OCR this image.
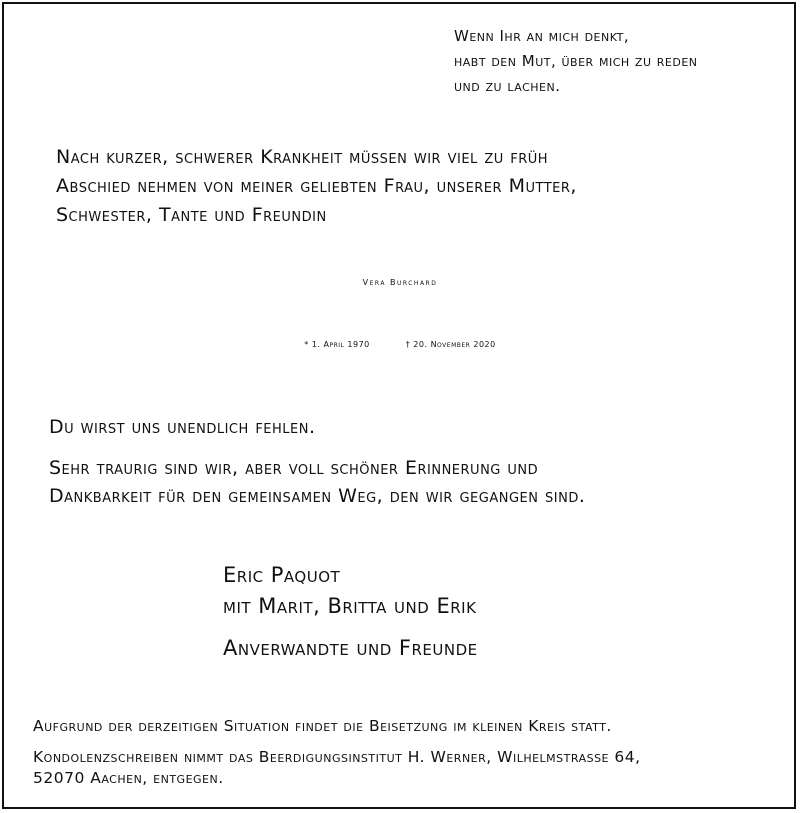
Wenn Ihr an mich denkt,
habt den Mut, über mich zu reden
und zu lachen.
Nach kurzer, schwerer Krankheit müssen wir viel zu früh
Abschied nehmen von meiner geliebten Frau, unserer Mutter,
Schwester, Tante und Freundin
Vera Burchard
* 1. April 1970	† 20. November 2020
Du wirst uns unendlich fehlen.
Sehr traurig sind wir, aber voll schöner Erinnerung und
Dankbarkeit für den gemeinsamen Weg, den wir gegangen sind.
Eric Paquot
mit Marit, Britta und Erik
Anverwandte und Freunde
Aufgrund der derzeitigen Situation findet die Beisetzung im kleinen Kreis statt.
Kondolenzschreiben nimmt das Beerdigungsinstitut H. Werner, Wilhelmstrasse 64,
52070 Aachen, entgegen.
